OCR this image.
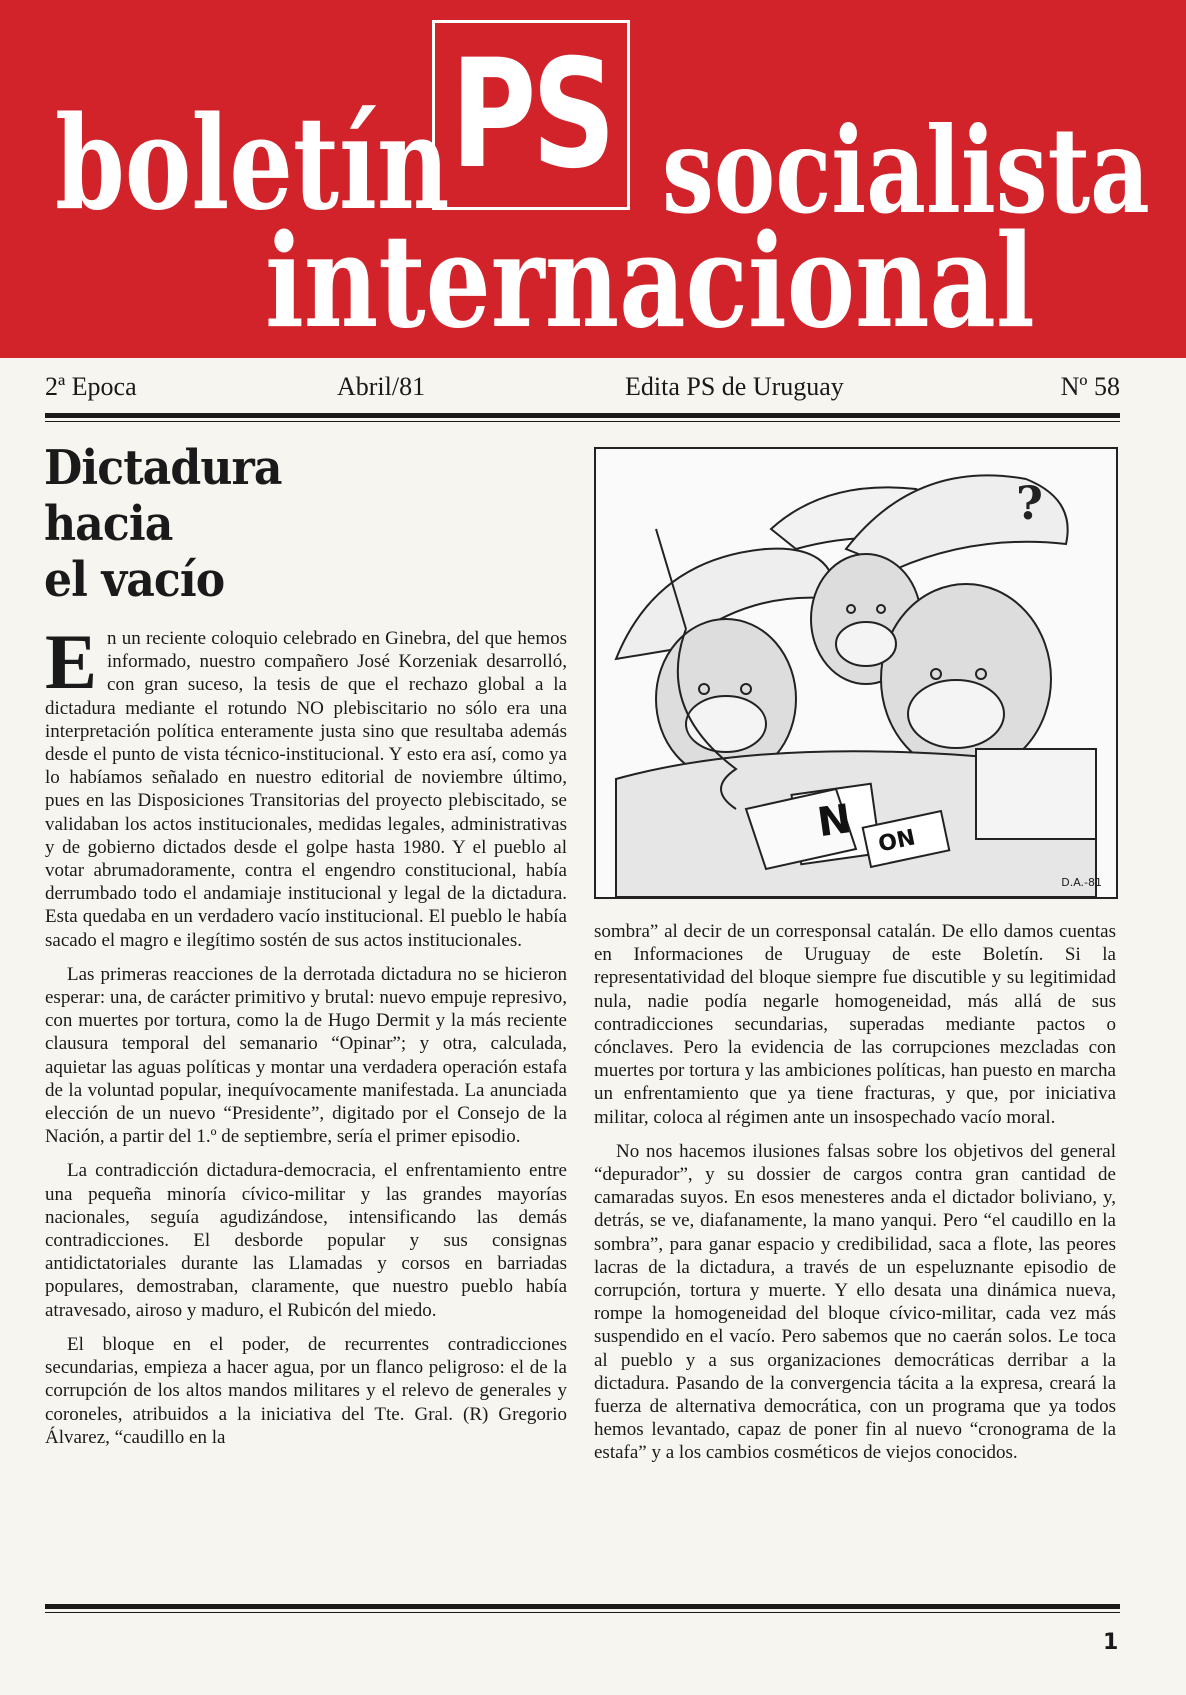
boletín PS socialista
internacional
2ª Epoca	Abril/81	Edita PS de Uruguay	Nº 58
Dictadura
hacia
el vacío

En un reciente coloquio celebrado en Ginebra, del que hemos informado, nuestro compañero José Korzeniak desarrolló, con gran suceso, la tesis de que el rechazo global a la dictadura mediante el rotundo NO plebiscitario no sólo era una interpretación política enteramente justa sino que resultaba además desde el punto de vista técnico-institucional. Y esto era así, como ya lo habíamos señalado en nuestro editorial de noviembre último, pues en las Disposiciones Transitorias del proyecto plebiscitado, se validaban los actos institucionales, medidas legales, administrativas y de gobierno dictados desde el golpe hasta 1980. Y el pueblo al votar abrumadoramente, contra el engendro constitucional, había derrumbado todo el andamiaje institucional y legal de la dictadura. Esta quedaba en un verdadero vacío institucional. El pueblo le había sacado el magro e ilegítimo sostén de sus actos institucionales.

Las primeras reacciones de la derrotada dictadura no se hicieron esperar: una, de carácter primitivo y brutal: nuevo empuje represivo, con muertes por tortura, como la de Hugo Dermit y la más reciente clausura temporal del semanario “Opinar”; y otra, calculada, aquietar las aguas políticas y montar una verdadera operación estafa de la voluntad popular, inequívocamente manifestada. La anunciada elección de un nuevo “Presidente”, digitado por el Consejo de la Nación, a partir del 1.º de septiembre, sería el primer episodio.

La contradicción dictadura-democracia, el enfrentamiento entre una pequeña minoría cívico-militar y las grandes mayorías nacionales, seguía agudizándose, intensificando las demás contradicciones. El desborde popular y sus consignas antidictatoriales durante las Llamadas y corsos en barriadas populares, demostraban, claramente, que nuestro pueblo había atravesado, airoso y maduro, el Rubicón del miedo.

El bloque en el poder, de recurrentes contradicciones secundarias, empieza a hacer agua, por un flanco peligroso: el de la corrupción de los altos mandos militares y el relevo de generales y coroneles, atribuidos a la iniciativa del Tte. Gral. (R) Gregorio Álvarez, “caudillo en la

?
ON
N
D.A.-81

sombra” al decir de un corresponsal catalán. De ello damos cuentas en Informaciones de Uruguay de este Boletín. Si la representatividad del bloque siempre fue discutible y su legitimidad nula, nadie podía negarle homogeneidad, más allá de sus contradicciones secundarias, superadas mediante pactos o cónclaves. Pero la evidencia de las corrupciones mezcladas con muertes por tortura y las ambiciones políticas, han puesto en marcha un enfrentamiento que ya tiene fracturas, y que, por iniciativa militar, coloca al régimen ante un insospechado vacío moral.

No nos hacemos ilusiones falsas sobre los objetivos del general “depurador”, y su dossier de cargos contra gran cantidad de camaradas suyos. En esos menesteres anda el dictador boliviano, y, detrás, se ve, diafanamente, la mano yanqui. Pero “el caudillo en la sombra”, para ganar espacio y credibilidad, saca a flote, las peores lacras de la dictadura, a través de un espeluznante episodio de corrupción, tortura y muerte. Y ello desata una dinámica nueva, rompe la homogeneidad del bloque cívico-militar, cada vez más suspendido en el vacío. Pero sabemos que no caerán solos. Le toca al pueblo y a sus organizaciones democráticas derribar a la dictadura. Pasando de la convergencia tácita a la expresa, creará la fuerza de alternativa democrática, con un programa que ya todos hemos levantado, capaz de poner fin al nuevo “cronograma de la estafa” y a los cambios cosméticos de viejos conocidos.

1
